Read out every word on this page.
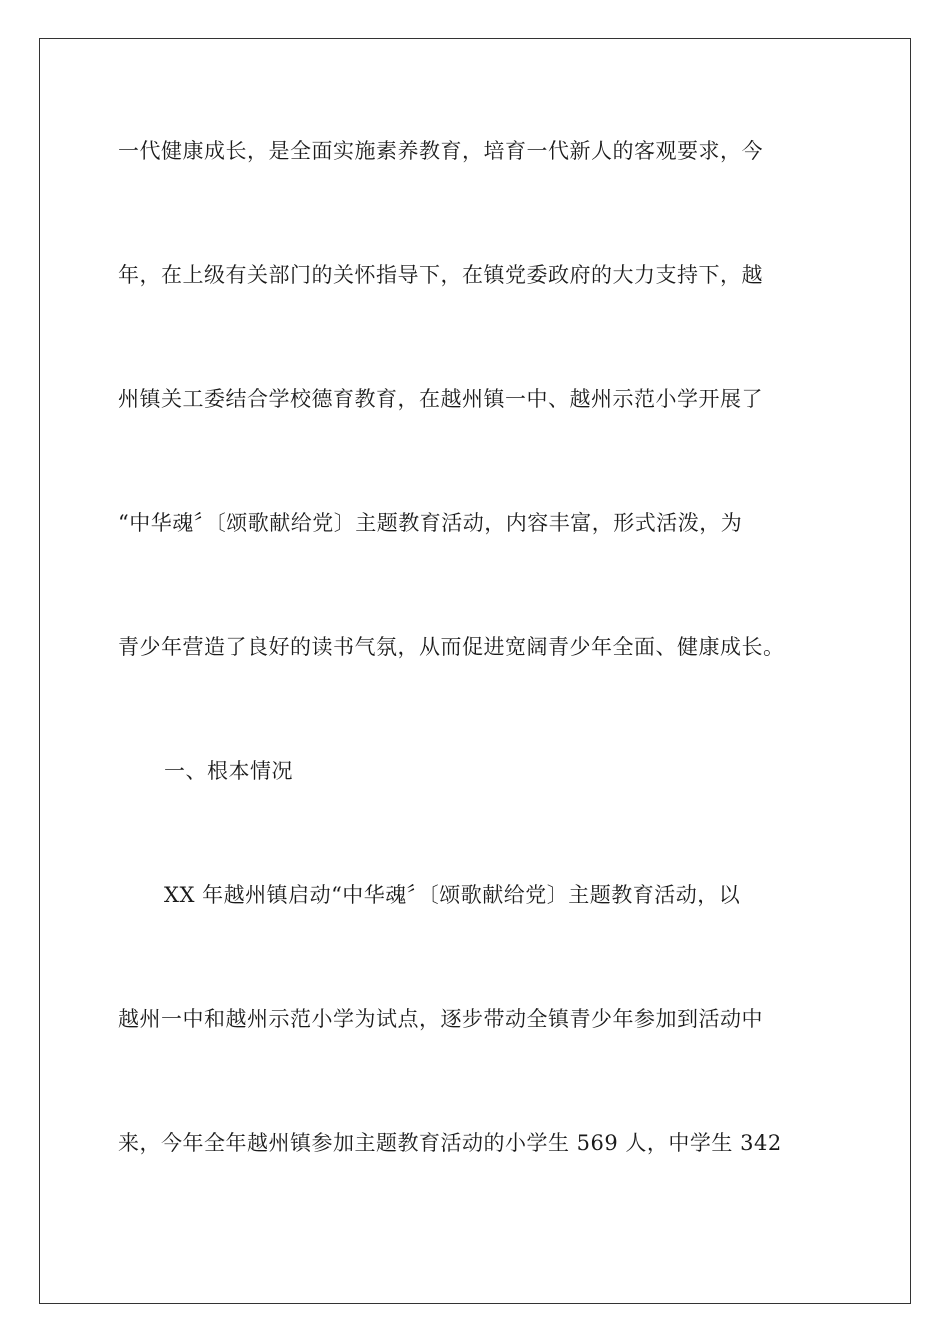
一代健康成长，是全面实施素养教育，培育一代新人的客观要求，今
年，在上级有关部门的关怀指导下，在镇党委政府的大力支持下，越
州镇关工委结合学校德育教育，在越州镇一中、越州示范小学开展了
“中华魂〞〔颂歌献给党〕主题教育活动，内容丰富，形式活泼，为
青少年营造了良好的读书气氛，从而促进宽阔青少年全面、健康成长。
一、根本情况
XX 年越州镇启动“中华魂〞〔颂歌献给党〕主题教育活动，以
越州一中和越州示范小学为试点，逐步带动全镇青少年参加到活动中
来，今年全年越州镇参加主题教育活动的小学生 569 人，中学生 342
